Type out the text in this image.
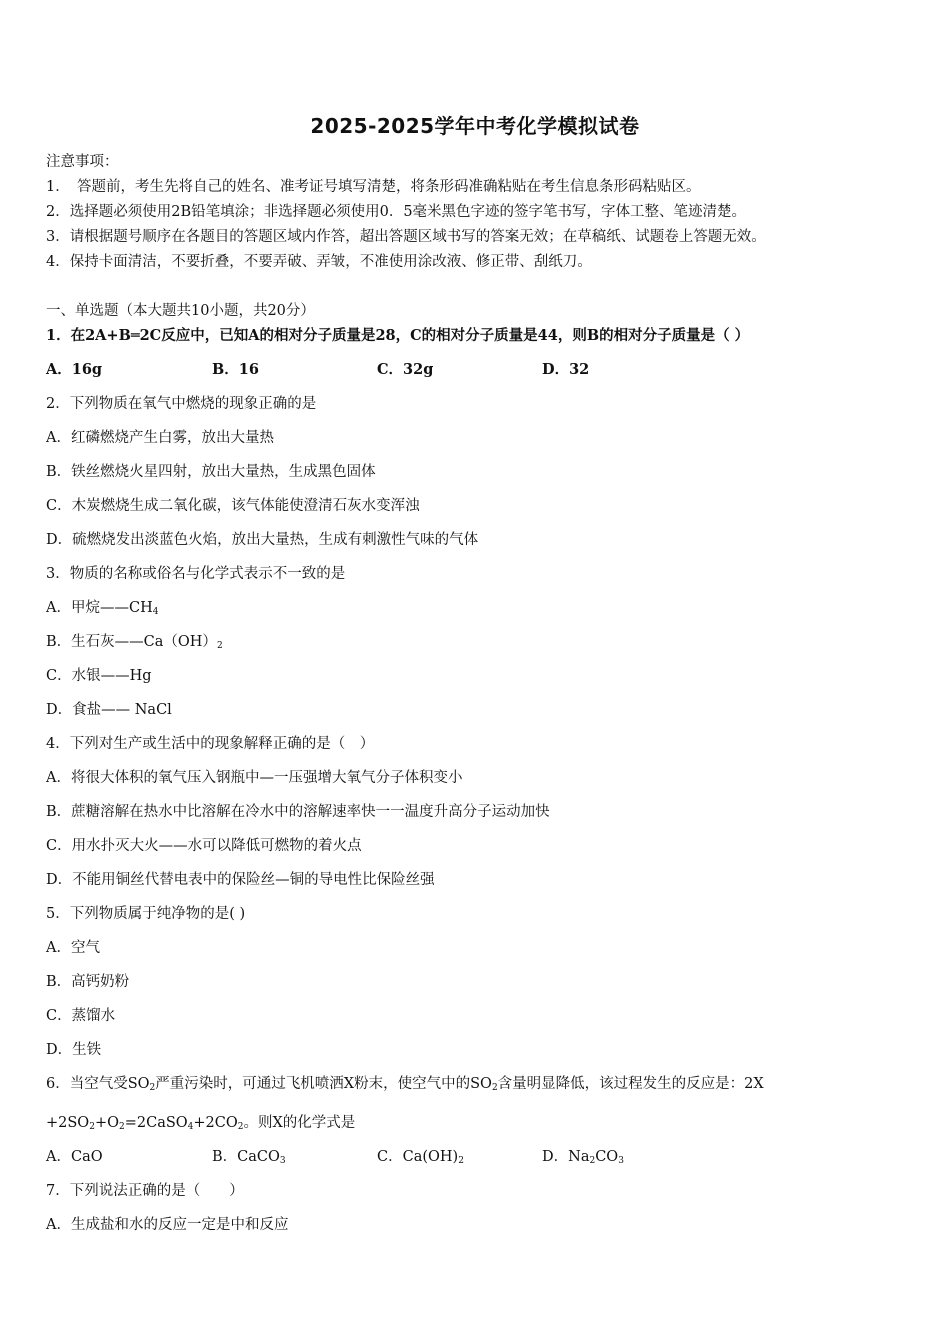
2025-2025学年中考化学模拟试卷
注意事项：
1．　答题前，考生先将自己的姓名、准考证号填写清楚，将条形码准确粘贴在考生信息条形码粘贴区。
2．选择题必须使用2B铅笔填涂；非选择题必须使用0．5毫米黑色字迹的签字笔书写，字体工整、笔迹清楚。
3．请根据题号顺序在各题目的答题区域内作答，超出答题区域书写的答案无效；在草稿纸、试题卷上答题无效。
4．保持卡面清洁，不要折叠，不要弄破、弄皱，不准使用涂改液、修正带、刮纸刀。
一、单选题（本大题共10小题，共20分）
1．在2A+B═2C反应中，已知A的相对分子质量是28，C的相对分子质量是44，则B的相对分子质量是（ ）
A．16g	B．16	C．32g	D．32
2．下列物质在氧气中燃烧的现象正确的是
A．红磷燃烧产生白雾，放出大量热
B．铁丝燃烧火星四射，放出大量热，生成黑色固体
C．木炭燃烧生成二氧化碳，该气体能使澄清石灰水变浑浊
D．硫燃烧发出淡蓝色火焰，放出大量热，生成有刺激性气味的气体
3．物质的名称或俗名与化学式表示不一致的是
A．甲烷$——CH_4$
B．生石灰$——Ca(OH)_2$
C．水银——Hg
D．食盐—— NaCl
4．下列对生产或生活中的现象解释正确的是（　）
A．将很大体积的氧气压入钢瓶中—一压强增大氧气分子体积变小
B．蔗糖溶解在热水中比溶解在冷水中的溶解速率快一一温度升高分子运动加快
C．用水扑灭大火——水可以降低可燃物的着火点
D．不能用铜丝代替电表中的保险丝—铜的导电性比保险丝强
5．下列物质属于纯净物的是( )
A．空气
B．高钙奶粉
C．蒸馏水
D．生铁
6．当空气受$SO_2$严重污染时，可通过飞机喷洒X粉末，使空气中的$SO_2$含量明显降低，该过程发生的反应是：2X
$+2SO_2+O_2=2CaSO_4+2CO_2$。则X的化学式是
A．CaO	B．CaCO$_3$	C．$Ca(OH)_2$	D．$Na_2CO_3$
7．下列说法正确的是（　　）
A．生成盐和水的反应一定是中和反应
